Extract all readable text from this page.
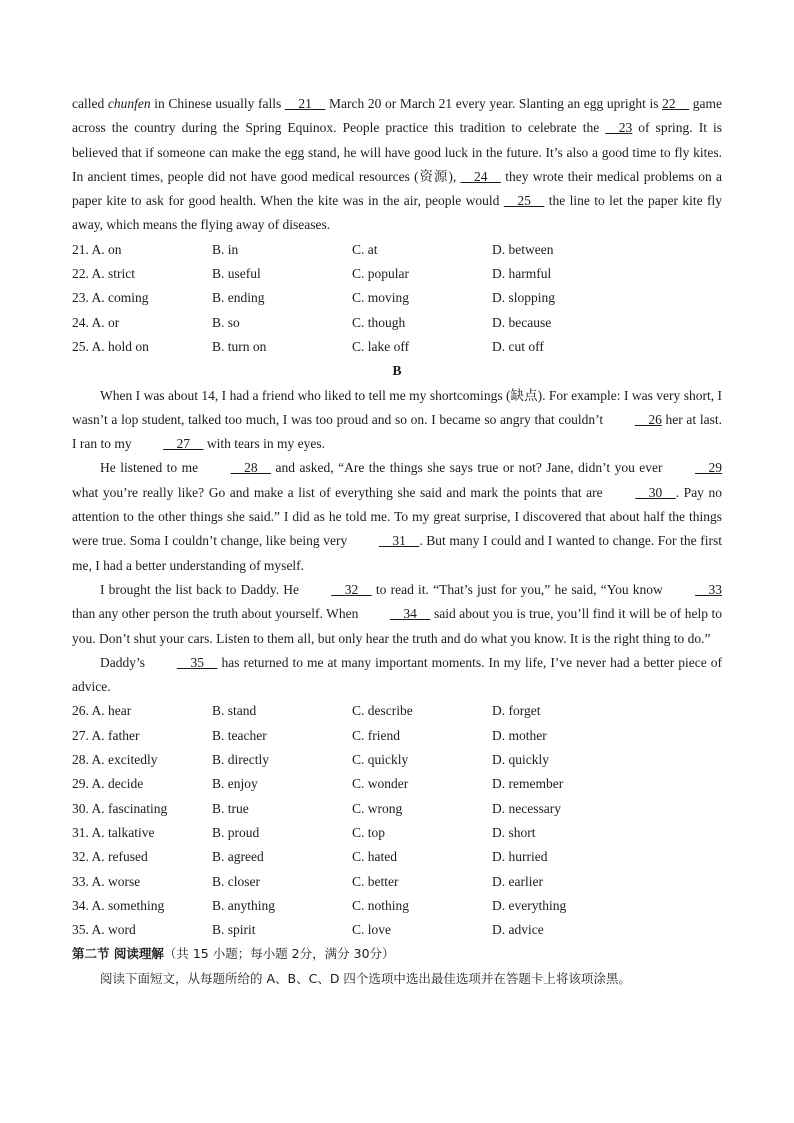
called chunfen in Chinese usually falls     21     March 20 or March 21 every year. Slanting an egg upright is 22     game across the country during the Spring Equinox. People practice this tradition to celebrate the     23 of spring. It is believed that if someone can make the egg stand, he will have good luck in the future. It’s also a good time to fly kites. In ancient times, people did not have good medical resources (资源),     24     they wrote their medical problems on a paper kite to ask for good health. When the kite was in the air, people would     25     the line to let the paper kite fly away, which means the flying away of diseases.

21. A. on	B. in	C. at	D. between
22. A. strict	B. useful	C. popular	D. harmful
23. A. coming	B. ending	C. moving	D. slopping
24. A. or	B. so	C. though	D. because
25. A. hold on	B. turn on	C. lake off	D. cut off

B

When I was about 14, I had a friend who liked to tell me my shortcomings (缺点). For example: I was very short, I wasn’t a lop student, talked too much, I was too proud and so on. I became so angry that couldn’t     26 her at last. I ran to my     27     with tears in my eyes.

He listened to me     28     and asked, “Are the things she says true or not? Jane, didn’t you ever     29 what you’re really like? Go and make a list of everything she said and mark the points that are     30    . Pay no attention to the other things she said.” I did as he told me. To my great surprise, I discovered that about half the things were true. Soma I couldn’t change, like being very     31    . But many I could and I wanted to change. For the first me, I had a better understanding of myself.

I brought the list back to Daddy. He     32     to read it. “That’s just for you,” he said, “You know     33 than any other person the truth about yourself. When     34     said about you is true, you’ll find it will be of help to you. Don’t shut your cars. Listen to them all, but only hear the truth and do what you know. It is the right thing to do.”

Daddy’s     35     has returned to me at many important moments. In my life, I’ve never had a better piece of advice.

26. A. hear	B. stand	C. describe	D. forget
27. A. father	B. teacher	C. friend	D. mother
28. A. excitedly	B. directly	C. quickly	D. quickly
29. A. decide	B. enjoy	C. wonder	D. remember
30. A. fascinating	B. true	C. wrong	D. necessary
31. A. talkative	B. proud	C. top	D. short
32. A. refused	B. agreed	C. hated	D. hurried
33. A. worse	B. closer	C. better	D. earlier
34. A. something	B. anything	C. nothing	D. everything
35. A. word	B. spirit	C. love	D. advice

第二节 阅读理解（共 15 小题；每小题 2分，满分 30分）

阅读下面短文，从每题所给的 A、B、C、D 四个选项中选出最佳选项并在答题卡上将该项涂黑。
